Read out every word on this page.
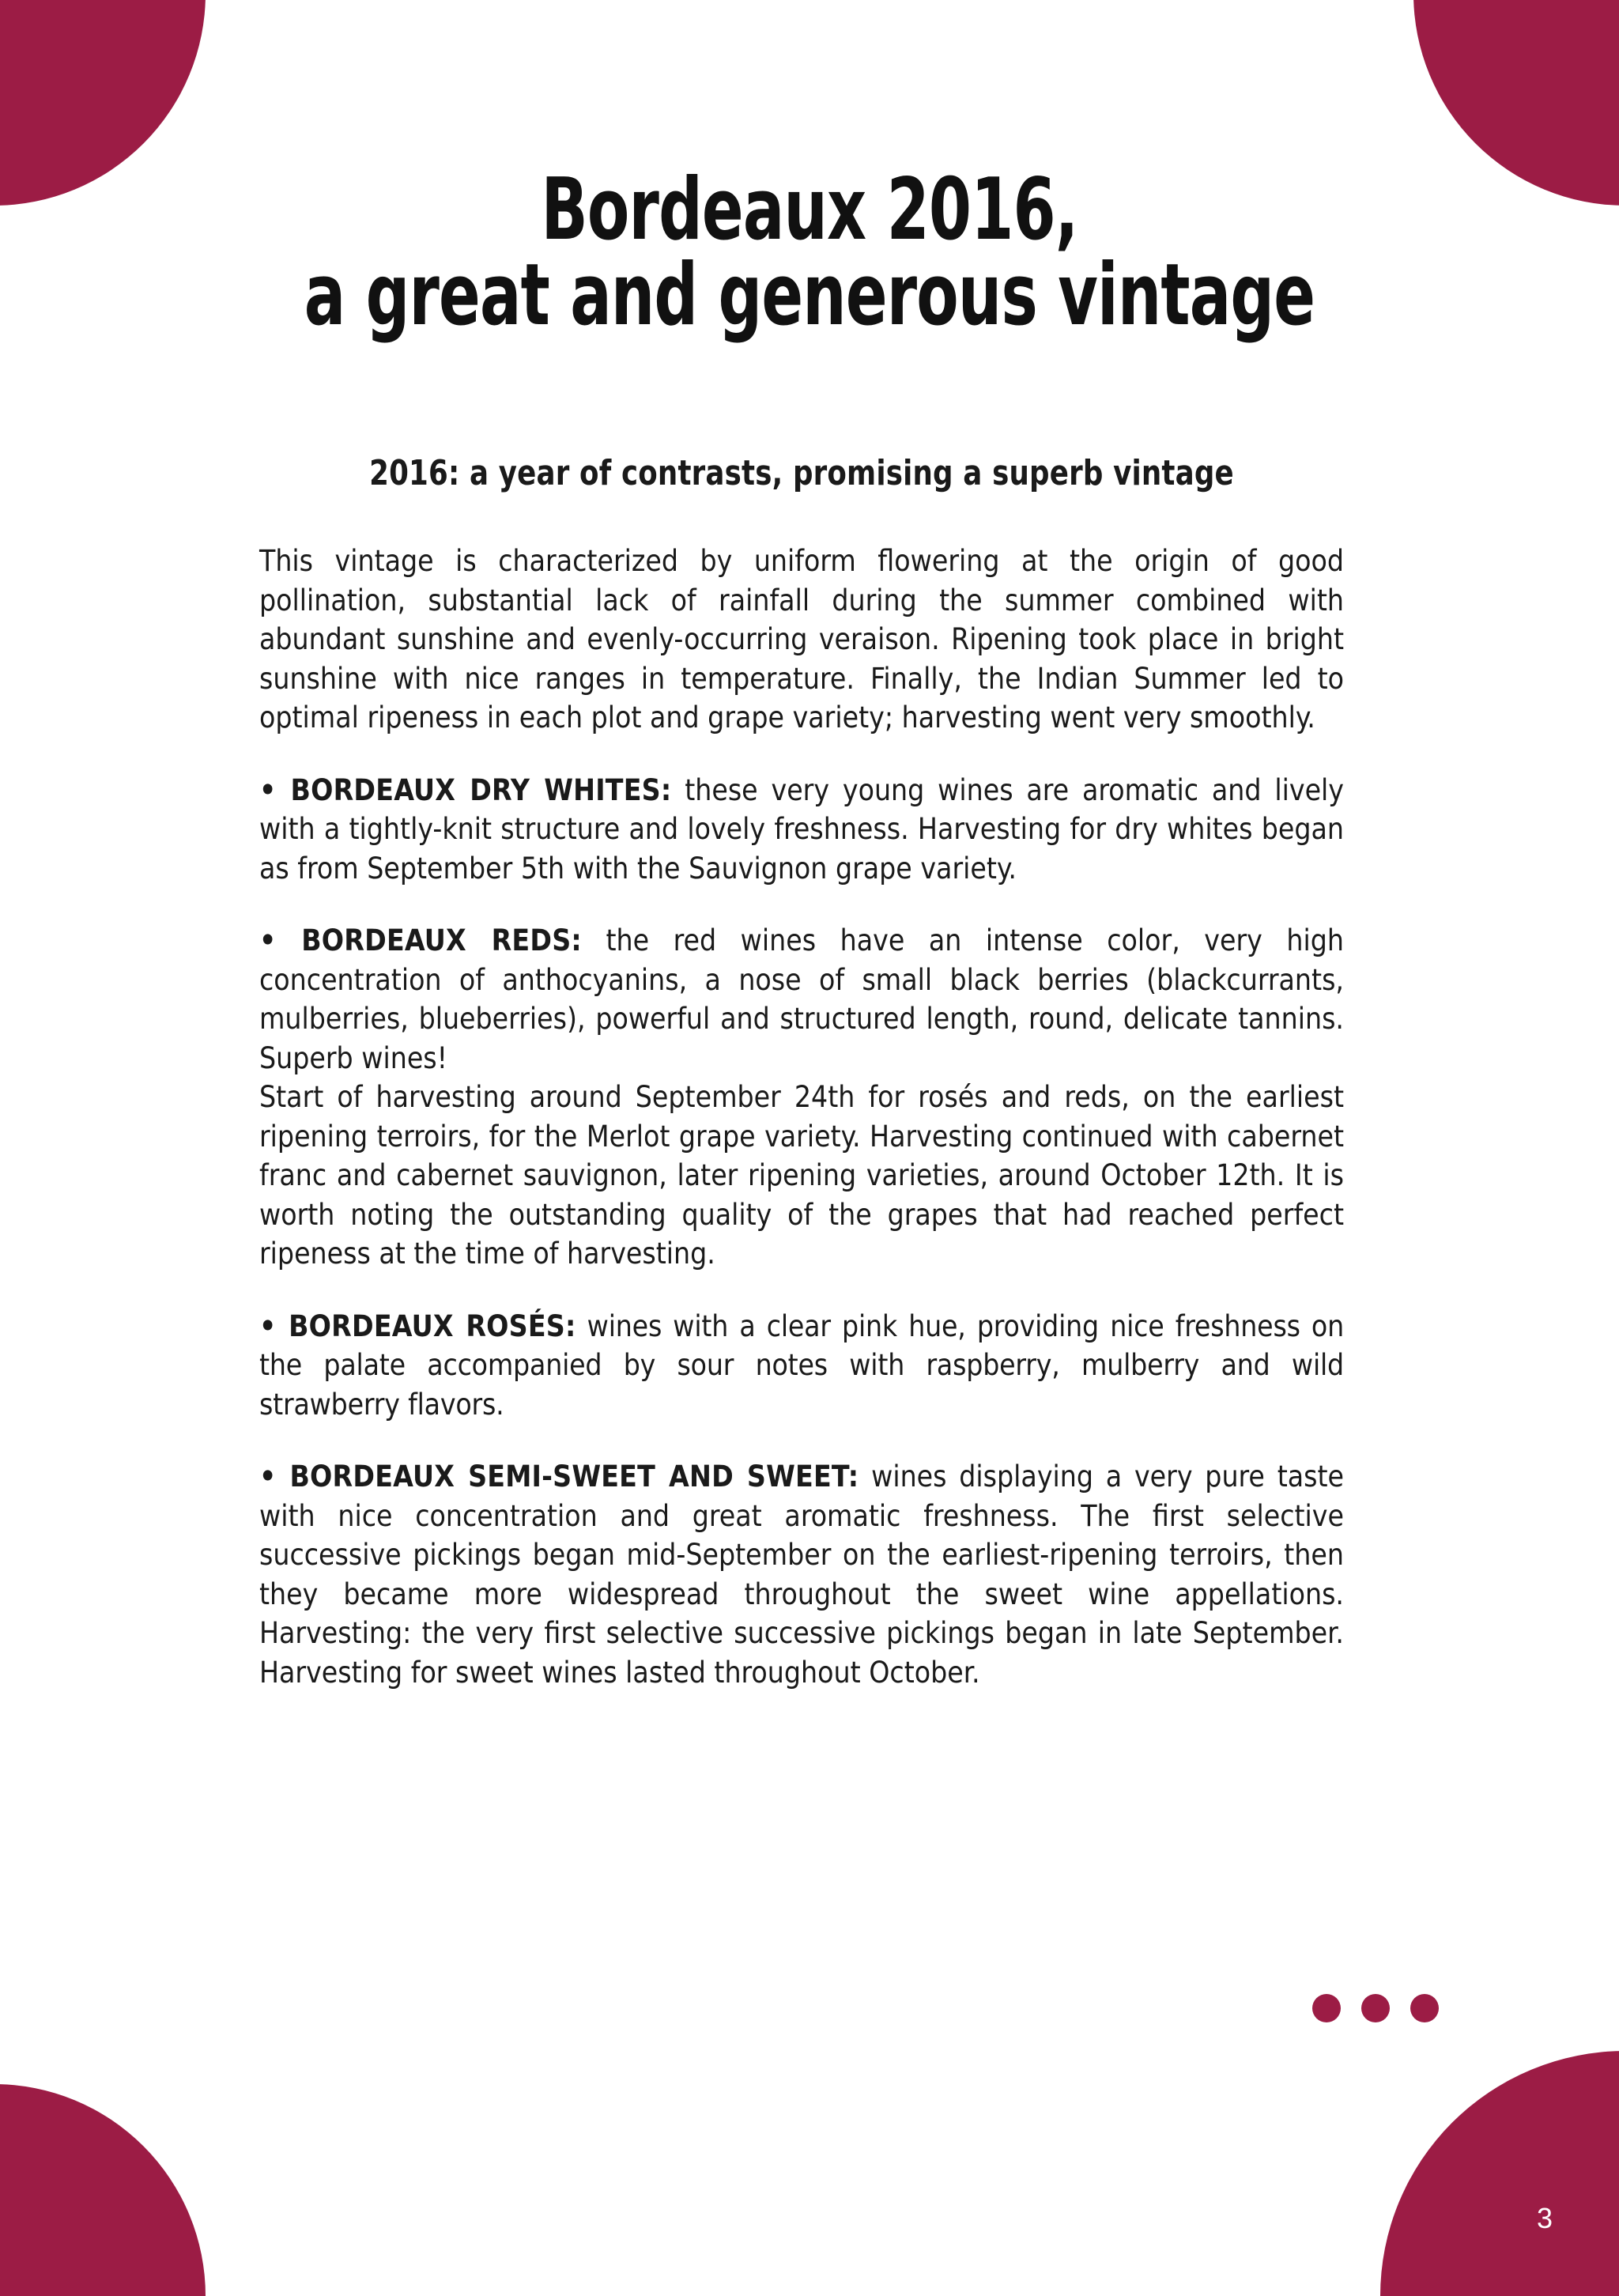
Bordeaux 2016,
a great and generous vintage
2016: a year of contrasts, promising a superb vintage

This vintage is characterized by uniform flowering at the origin of good pollination, substantial lack of rainfall during the summer combined with abundant sunshine and evenly-occurring veraison. Ripening took place in bright sunshine with nice ranges in temperature. Finally, the Indian Summer led to optimal ripeness in each plot and grape variety; harvesting went very smoothly.

• BORDEAUX DRY WHITES: these very young wines are aromatic and lively with a tightly-knit structure and lovely freshness. Harvesting for dry whites began as from September 5th with the Sauvignon grape variety.

• BORDEAUX REDS: the red wines have an intense color, very high concentration of anthocyanins, a nose of small black berries (blackcurrants, mulberries, blueberries), powerful and structured length, round, delicate tannins. Superb wines!
Start of harvesting around September 24th for rosés and reds, on the earliest ripening terroirs, for the Merlot grape variety. Harvesting continued with cabernet franc and cabernet sauvignon, later ripening varieties, around October 12th. It is worth noting the outstanding quality of the grapes that had reached perfect ripeness at the time of harvesting.

• BORDEAUX ROSÉS: wines with a clear pink hue, providing nice freshness on the palate accompanied by sour notes with raspberry, mulberry and wild strawberry flavors.

• BORDEAUX SEMI-SWEET AND SWEET: wines displaying a very pure taste with nice concentration and great aromatic freshness. The first selective successive pickings began mid-September on the earliest-ripening terroirs, then they became more widespread throughout the sweet wine appellations. Harvesting: the very first selective successive pickings began in late September. Harvesting for sweet wines lasted throughout October.

3
